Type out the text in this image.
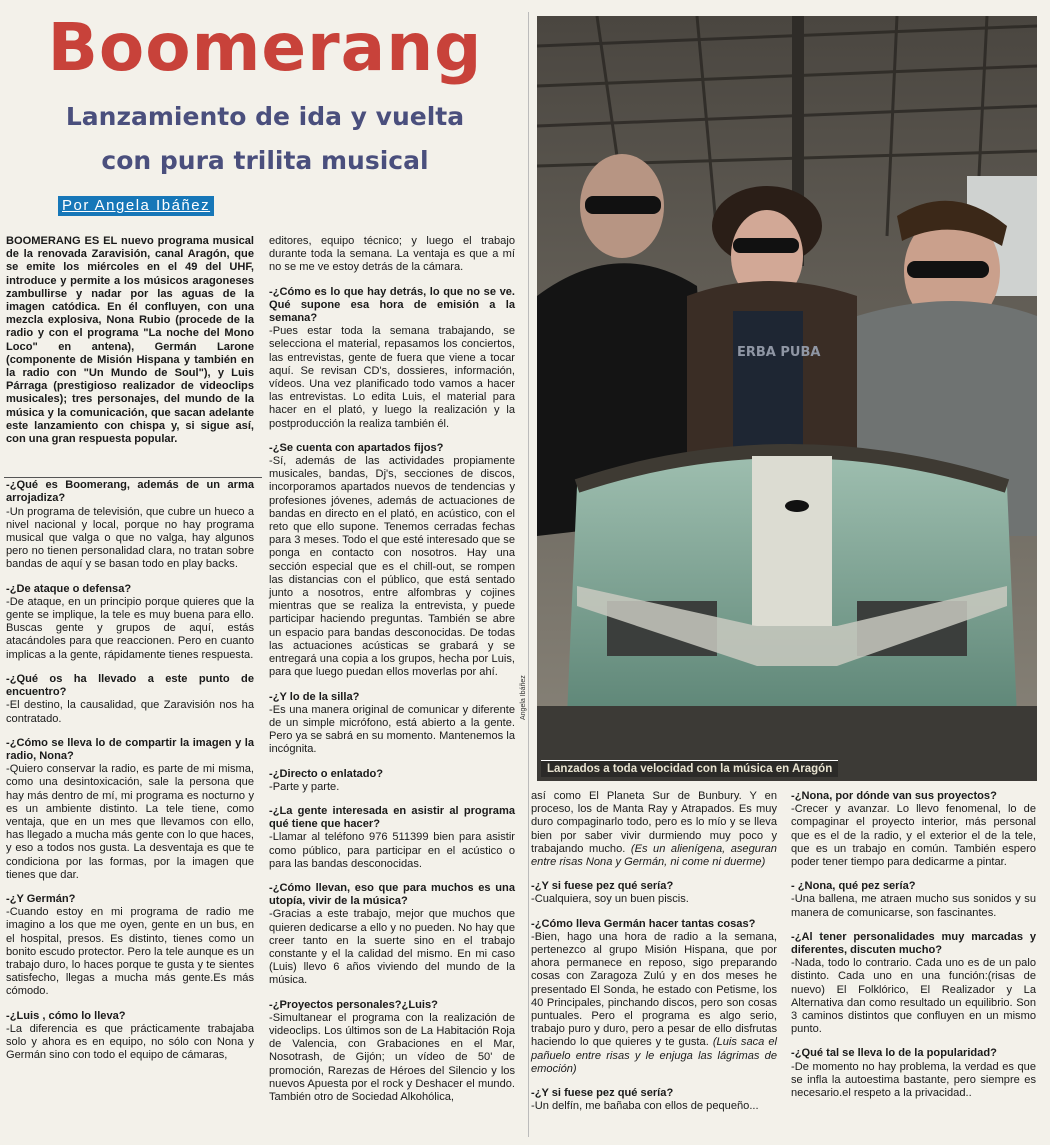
Boomerang
Lanzamiento de ida y vuelta
con pura trilita musical
Por Angela Ibáñez

BOOMERANG ES EL nuevo programa musical de la renovada Zaravisión, canal Aragón, que se emite los miércoles en el 49 del UHF, introduce y permite a los músicos aragoneses zambullirse y nadar por las aguas de la imagen catódica. En él confluyen, con una mezcla explosiva, Nona Rubio (procede de la radio y con el programa "La noche del Mono Loco" en antena), Germán Larone (componente de Misión Hispana y también en la radio con "Un Mundo de Soul"), y Luis Párraga (prestigioso realizador de videoclips musicales); tres personajes, del mundo de la música y la comunicación, que sacan adelante este lanzamiento con chispa y, si sigue así, con una gran respuesta popular.

-¿Qué es Boomerang, además de un arma arrojadiza?
-Un programa de televisión, que cubre un hueco a nivel nacional y local, porque no hay programa musical que valga o que no valga, hay algunos pero no tienen personalidad clara, no tratan sobre bandas de aquí y se basan todo en play backs.

-¿De ataque o defensa?
-De ataque, en un principio porque quieres que la gente se implique, la tele es muy buena para ello. Buscas gente y grupos de aquí, estás atacándoles para que reaccionen. Pero en cuanto implicas a la gente, rápidamente tienes respuesta.

-¿Qué os ha llevado a este punto de encuentro?
-El destino, la causalidad, que Zaravisión nos ha contratado.

-¿Cómo se lleva lo de compartir la imagen y la radio, Nona?
-Quiero conservar la radio, es parte de mi misma, como una desintoxicación, sale la persona que hay más dentro de mí, mi programa es nocturno y es un ambiente distinto. La tele tiene, como ventaja, que en un mes que llevamos con ello, has llegado a mucha más gente con lo que haces, y eso a todos nos gusta. La desventaja es que te condiciona por las formas, por la imagen que tienes que dar.

-¿Y Germán?
-Cuando estoy en mi programa de radio me imagino a los que me oyen, gente en un bus, en el hospital, presos. Es distinto, tienes como un bonito escudo protector. Pero la tele aunque es un trabajo duro, lo haces porque te gusta y te sientes satisfecho, llegas a mucha más gente.Es más cómodo.

-¿Luis , cómo lo lleva?
-La diferencia es que prácticamente trabajaba solo y ahora es en equipo, no sólo con Nona y Germán sino con todo el equipo de cámaras,

editores, equipo técnico; y luego el trabajo durante toda la semana. La ventaja es que a mí no se me ve estoy detrás de la cámara.

-¿Cómo es lo que hay detrás, lo que no se ve. Qué supone esa hora de emisión a la semana?
-Pues estar toda la semana trabajando, se selecciona el material, repasamos los conciertos, las entrevistas, gente de fuera que viene a tocar aquí. Se revisan CD's, dossieres, información, vídeos. Una vez planificado todo vamos a hacer las entrevistas. Lo edita Luis, el material para hacer en el plató, y luego la realización y la postproducción la realiza también él.

-¿Se cuenta con apartados fijos?
-Sí, además de las actividades propiamente musicales, bandas, Dj's, secciones de discos, incorporamos apartados nuevos de tendencias y profesiones jóvenes, además de actuaciones de bandas en directo en el plató, en acústico, con el reto que ello supone. Tenemos cerradas fechas para 3 meses. Todo el que esté interesado que se ponga en contacto con nosotros. Hay una sección especial que es el chill-out, se rompen las distancias con el público, que está sentado junto a nosotros, entre alfombras y cojines mientras que se realiza la entrevista, y puede participar haciendo preguntas. También se abre un espacio para bandas desconocidas. De todas las actuaciones acústicas se grabará y se entregará una copia a los grupos, hecha por Luis, para que luego puedan ellos moverlas por ahí.

-¿Y lo de la silla?
-Es una manera original de comunicar y diferente de un simple micrófono, está abierto a la gente. Pero ya se sabrá en su momento. Mantenemos la incógnita.

-¿Directo o enlatado?
-Parte y parte.

-¿La gente interesada en asistir al programa qué tiene que hacer?
-Llamar al teléfono 976 511399 bien para asistir como público, para participar en el acústico o para las bandas desconocidas.

-¿Cómo llevan, eso que para muchos es una utopía, vivir de la música?
-Gracias a este trabajo, mejor que muchos que quieren dedicarse a ello y no pueden. No hay que creer tanto en la suerte sino en el trabajo constante y el la calidad del mismo. En mi caso (Luis) llevo 6 años viviendo del mundo de la música.

-¿Proyectos personales?¿Luis?
-Simultanear el programa con la realización de videoclips. Los últimos son de La Habitación Roja de Valencia, con Grabaciones en el Mar, Nosotrash, de Gijón; un vídeo de 50' de promoción, Rarezas de Héroes del Silencio y los nuevos Apuesta por el rock y Deshacer el mundo. También otro de Sociedad Alkohólica,

ERBA PUBA
Lanzados a toda velocidad con la música en Aragón
Angela Ibáñez

así como El Planeta Sur de Bunbury. Y en proceso, los de Manta Ray y Atrapados. Es muy duro compaginarlo todo, pero es lo mío y se lleva bien por saber vivir durmiendo muy poco y trabajando mucho. (Es un alienígena, aseguran entre risas Nona y Germán, ni come ni duerme)

-¿Y si fuese pez qué sería?
-Cualquiera, soy un buen piscis.

-¿Cómo lleva Germán hacer tantas cosas?
-Bien, hago una hora de radio a la semana, pertenezco al grupo Misión Hispana, que por ahora permanece en reposo, sigo preparando cosas con Zaragoza Zulú y en dos meses he presentado El Sonda, he estado con Petisme, los 40 Principales, pinchando discos, pero son cosas puntuales. Pero el programa es algo serio, trabajo puro y duro, pero a pesar de ello disfrutas haciendo lo que quieres y te gusta. (Luis saca el pañuelo entre risas y le enjuga las lágrimas de emoción)

-¿Y si fuese pez qué sería?
-Un delfín, me bañaba con ellos de pequeño...

-¿Nona, por dónde van sus proyectos?
-Crecer y avanzar. Lo llevo fenomenal, lo de compaginar el proyecto interior, más personal que es el de la radio, y el exterior el de la tele, que es un trabajo en común. También espero poder tener tiempo para dedicarme a pintar.

- ¿Nona, qué pez sería?
-Una ballena, me atraen mucho sus sonidos y su manera de comunicarse, son fascinantes.

-¿Al tener personalidades muy marcadas y diferentes, discuten mucho?
-Nada, todo lo contrario. Cada uno es de un palo distinto. Cada uno en una función:(risas de nuevo) El Folklórico, El Realizador y La Alternativa dan como resultado un equilibrio. Son 3 caminos distintos que confluyen en un mismo punto.

-¿Qué tal se lleva lo de la popularidad?
-De momento no hay problema, la verdad es que se infla la autoestima bastante, pero siempre es necesario.el respeto a la privacidad..
